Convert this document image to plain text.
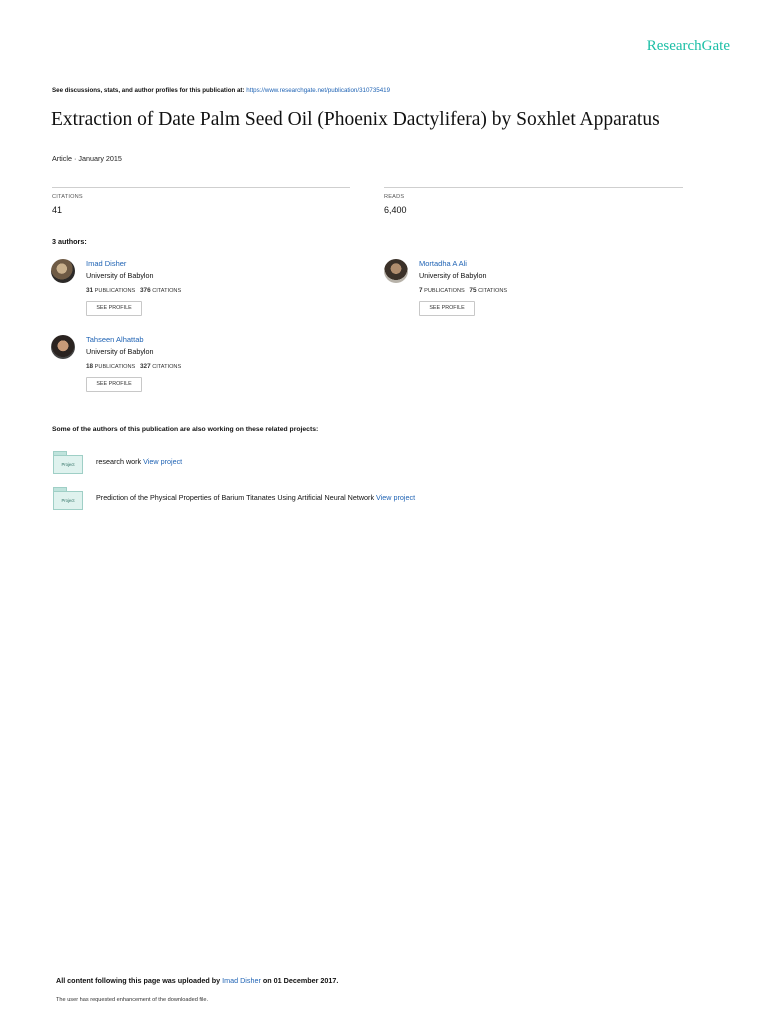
ResearchGate
See discussions, stats, and author profiles for this publication at: https://www.researchgate.net/publication/310735419
Extraction of Date Palm Seed Oil (Phoenix Dactylifera) by Soxhlet Apparatus
Article · January 2015
CITATIONS
41
READS
6,400
3 authors:
Imad Disher
University of Babylon
31 PUBLICATIONS 376 CITATIONS
SEE PROFILE
Mortadha A Ali
University of Babylon
7 PUBLICATIONS 75 CITATIONS
SEE PROFILE
Tahseen Alhattab
University of Babylon
18 PUBLICATIONS 327 CITATIONS
SEE PROFILE
Some of the authors of this publication are also working on these related projects:
Project	research work View project
Project	Prediction of the Physical Properties of Barium Titanates Using Artificial Neural Network View project
All content following this page was uploaded by Imad Disher on 01 December 2017.
The user has requested enhancement of the downloaded file.
